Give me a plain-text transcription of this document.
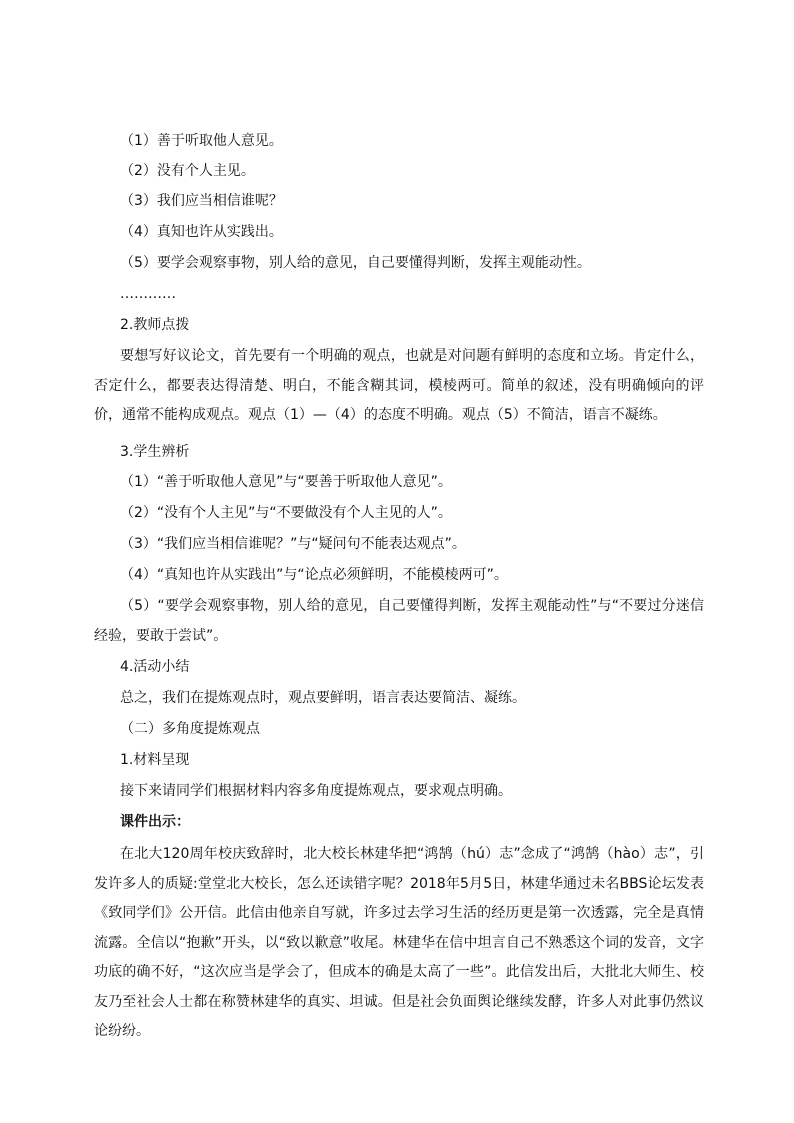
（1）善于听取他人意见。
（2）没有个人主见。
（3）我们应当相信谁呢？
（4）真知也许从实践出。
（5）要学会观察事物，别人给的意见，自己要懂得判断，发挥主观能动性。
…………
2.教师点拨
要想写好议论文，首先要有一个明确的观点，也就是对问题有鲜明的态度和立场。肯定什么，否定什么，都要表达得清楚、明白，不能含糊其词，模棱两可。简单的叙述，没有明确倾向的评价，通常不能构成观点。观点（1）—（4）的态度不明确。观点（5）不简洁，语言不凝练。
3.学生辨析
（1）“善于听取他人意见”与“要善于听取他人意见”。
（2）“没有个人主见”与“不要做没有个人主见的人”。
（3）“我们应当相信谁呢？”与“疑问句不能表达观点”。
（4）“真知也许从实践出”与“论点必须鲜明，不能模棱两可”。
（5）“要学会观察事物，别人给的意见，自己要懂得判断，发挥主观能动性”与“不要过分迷信经验，要敢于尝试”。
4.活动小结
总之，我们在提炼观点时，观点要鲜明，语言表达要简洁、凝练。
（二）多角度提炼观点
1.材料呈现
接下来请同学们根据材料内容多角度提炼观点，要求观点明确。
课件出示：
在北大120周年校庆致辞时，北大校长林建华把“鸿鹄（hú）志”念成了“鸿鹄（hào）志”，引发许多人的质疑:堂堂北大校长，怎么还读错字呢？2018年5月5日，林建华通过未名BBS论坛发表《致同学们》公开信。此信由他亲自写就，许多过去学习生活的经历更是第一次透露，完全是真情流露。全信以“抱歉”开头，以“致以歉意”收尾。林建华在信中坦言自己不熟悉这个词的发音，文字功底的确不好，“这次应当是学会了，但成本的确是太高了一些”。此信发出后，大批北大师生、校友乃至社会人士都在称赞林建华的真实、坦诚。但是社会负面舆论继续发酵，许多人对此事仍然议论纷纷。
